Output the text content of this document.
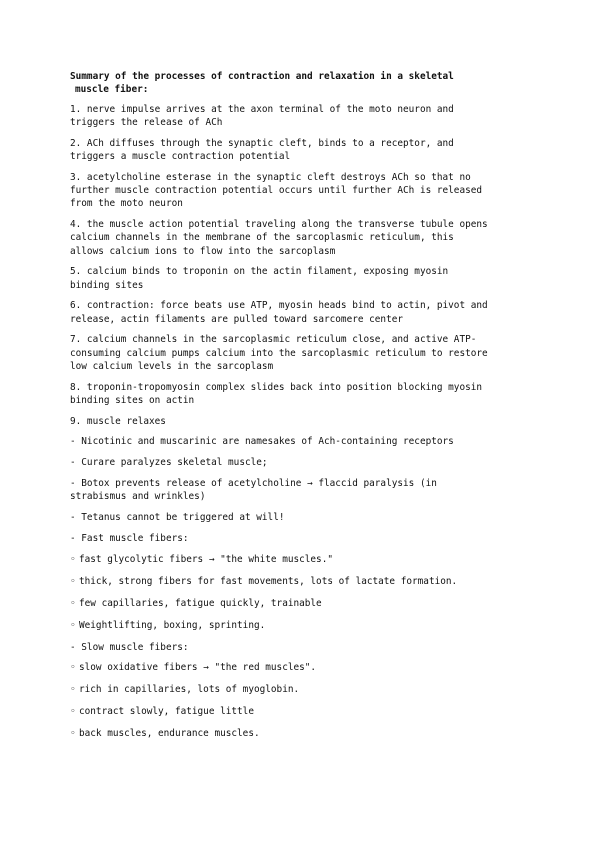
Summary of the processes of contraction and relaxation in a skeletal
muscle fiber:

1. nerve impulse arrives at the axon terminal of the moto neuron and
triggers the release of ACh

2. ACh diffuses through the synaptic cleft, binds to a receptor, and
triggers a muscle contraction potential

3. acetylcholine esterase in the synaptic cleft destroys ACh so that no
further muscle contraction potential occurs until further ACh is released
from the moto neuron

4. the muscle action potential traveling along the transverse tubule opens
calcium channels in the membrane of the sarcoplasmic reticulum, this
allows calcium ions to flow into the sarcoplasm

5. calcium binds to troponin on the actin filament, exposing myosin
binding sites

6. contraction: force beats use ATP, myosin heads bind to actin, pivot and
release, actin filaments are pulled toward sarcomere center

7. calcium channels in the sarcoplasmic reticulum close, and active ATP-
consuming calcium pumps calcium into the sarcoplasmic reticulum to restore
low calcium levels in the sarcoplasm

8. troponin-tropomyosin complex slides back into position blocking myosin
binding sites on actin

9. muscle relaxes

- Nicotinic and muscarinic are namesakes of Ach-containing receptors

- Curare paralyzes skeletal muscle;

- Botox prevents release of acetylcholine → flaccid paralysis (in
strabismus and wrinkles)

- Tetanus cannot be triggered at will!

- Fast muscle fibers:

◦ fast glycolytic fibers → "the white muscles."

◦ thick, strong fibers for fast movements, lots of lactate formation.

◦ few capillaries, fatigue quickly, trainable

◦ Weightlifting, boxing, sprinting.

- Slow muscle fibers:

◦ slow oxidative fibers → "the red muscles".

◦ rich in capillaries, lots of myoglobin.

◦ contract slowly, fatigue little

◦ back muscles, endurance muscles.
